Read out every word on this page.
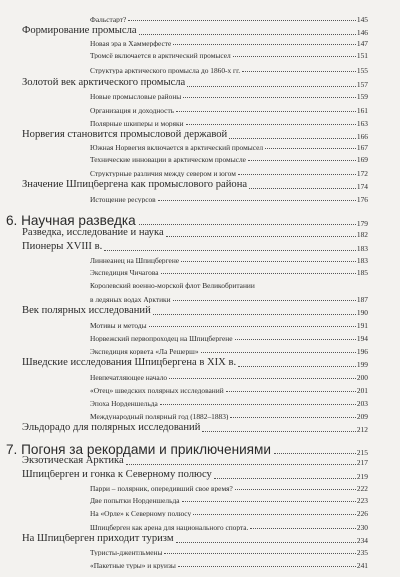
Фальстарт?	145
Формирование промысла	146
Новая эра в Хаммерфесте	147
Тромсё включается в арктический промысел	151
Структура арктического промысла до 1860-х гг.	155
Золотой век арктического промысла	157
Новые промысловые районы	159
Организация и доходность	161
Полярные шкиперы и моряки	163
Норвегия становится промысловой державой	166
Южная Норвегия включается в арктический промысел	167
Технические инновации в арктическом промысле	169
Структурные различия между севером и югом	172
Значение Шпицбергена как промыслового района	174
Истощение ресурсов	176
6. Научная разведка	179
Разведка, исследование и наука	182
Пионеры XVIII в.	183
Линнеанец на Шпицбергене	183
Экспедиция Чичагова	185
Королевский военно-морской флот Великобритании
в ледяных водах Арктики	187
Век полярных исследований	190
Мотивы и методы	191
Норвежский первопроходец на Шпицбергене	194
Экспедиция корвета «Ла Решерш»	196
Шведские исследования Шпицбергена в XIX в.	199
Невпечатляющее начало	200
«Отец» шведских полярных исследований	201
Эпоха Норденшельда	203
Международный полярный год (1882–1883)	209
Эльдорадо для полярных исследований	212
7. Погоня за рекордами и приключениями	215
Экзотическая Арктика	217
Шпицберген и гонка к Северному полюсу	219
Парри – полярник, опередивший свое время?	222
Две попытки Норденшельда	223
На «Орле» к Северному полюсу	226
Шпицберген как арена для национального спорта.	230
На Шпицберген приходит туризм	234
Туристы-джентльмены	235
«Пакетные туры» и круизы	241
